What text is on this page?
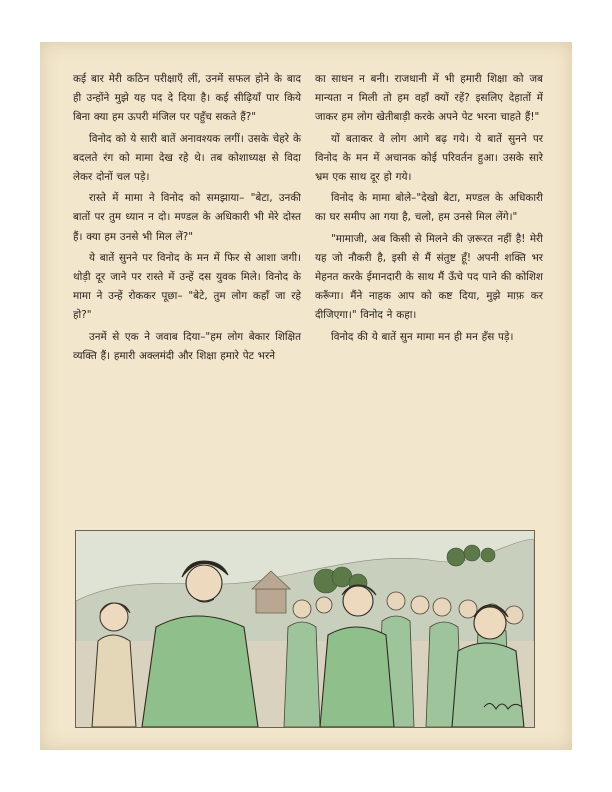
कई बार मेरी कठिन परीक्षाएँ लीं, उनमें सफल होने के बाद ही उन्होंने मुझे यह पद दे दिया है। कई सीढ़ियाँ पार किये बिना क्या हम ऊपरी मंजिल पर पहुँच सकते हैं?"

विनोद को ये सारी बातें अनावश्यक लगीं। उसके चेहरे के बदलते रंग को मामा देख रहे थे। तब कोशाध्यक्ष से विदा लेकर दोनों चल पड़े।

रास्ते में मामा ने विनोद को समझाया– "बेटा, उनकी बातों पर तुम ध्यान न दो। मण्डल के अधिकारी भी मेरे दोस्त हैं। क्या हम उनसे भी मिल लें?"

ये बातें सुनने पर विनोद के मन में फिर से आशा जगी। थोड़ी दूर जाने पर रास्ते में उन्हें दस युवक मिले। विनोद के मामा ने उन्हें रोककर पूछा– "बेटे, तुम लोग कहाँ जा रहे हो?"

उनमें से एक ने जवाब दिया–"हम लोग बेकार शिक्षित व्यक्ति हैं। हमारी अक्लमंदी और शिक्षा हमारे पेट भरने

का साधन न बनी। राजधानी में भी हमारी शिक्षा को जब मान्यता न मिली तो हम वहाँ क्यों रहें? इसलिए देहातों में जाकर हम लोग खेतीबाड़ी करके अपने पेट भरना चाहते हैं!"

यों बताकर वे लोग आगे बढ़ गये। ये बातें सुनने पर विनोद के मन में अचानक कोई परिवर्तन हुआ। उसके सारे भ्रम एक साथ दूर हो गये।

विनोद के मामा बोले–"देखो बेटा, मण्डल के अधिकारी का घर समीप आ गया है, चलो, हम उनसे मिल लेंगे।"

"मामाजी, अब किसी से मिलने की ज़रूरत नहीं है! मेरी यह जो नौकरी है, इसी से मैं संतुष्ट हूँ! अपनी शक्ति भर मेहनत करके ईमानदारी के साथ मैं ऊँचे पद पाने की कोशिश करूँगा। मैंने नाहक आप को कष्ट दिया, मुझे माफ़ कर दीजिएगा।" विनोद ने कहा।

विनोद की ये बातें सुन मामा मन ही मन हँस पड़े।
